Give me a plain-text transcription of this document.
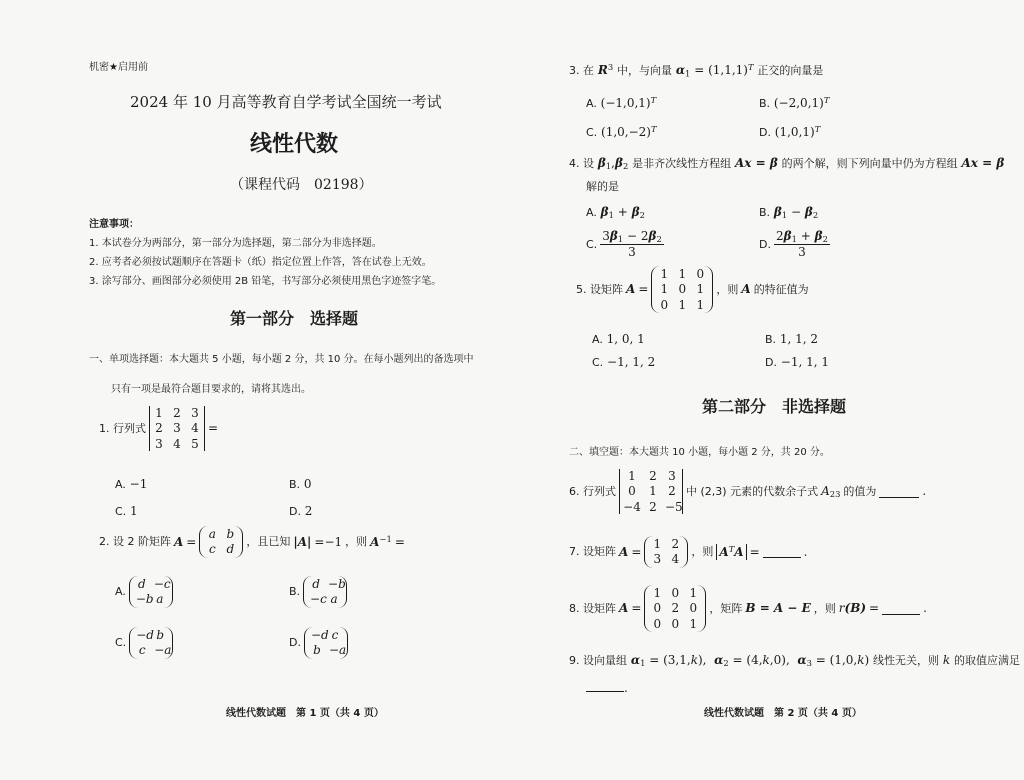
机密★启用前
2024 年 10 月高等教育自学考试全国统一考试
线性代数
（课程代码　02198）
注意事项：
1. 本试卷分为两部分，第一部分为选择题，第二部分为非选择题。
2. 应考者必须按试题顺序在答题卡（纸）指定位置上作答，答在试卷上无效。
3. 涂写部分、画图部分必须使用 2B 铅笔，书写部分必须使用黑色字迹签字笔。
第一部分　选择题
一、单项选择题：本大题共 5 小题，每小题 2 分，共 10 分。在每小题列出的备选项中
只有一项是最符合题目要求的，请将其选出。
1. 行列式
1 2 3
2 3 4
3 4 5
=
A. −1	B. 0
C. 1	D. 2
2. 设 2 阶矩阵 A =
a b
c d
，且已知 |A| =−1 ，则 $A^{-1}$ =
A.
d −c
−b a
B.
d −b
−c a
C.
−d b
c −a
D.
−d c
b −a
线性代数试题　第 1 页（共 4 页）
3. 在 $R^3$ 中，与向量 $\alpha_1 = (1,1,1)^T$ 正交的向量是
A. $(-1,0,1)^T$	B. $(-2,0,1)^T$
C. $(1,0,-2)^T$	D. $(1,0,1)^T$
4. 设 $\beta_1,\beta_2$ 是非齐次线性方程组 Ax = β 的两个解，则下列向量中仍为方程组 Ax = β
解的是
A. $\beta_1 + \beta_2$	B. $\beta_1 - \beta_2$
C. $\frac{3\beta_1 - 2\beta_2}{3}$	D. $\frac{2\beta_1 + \beta_2}{3}$
5. 设矩阵 A =
1 1 0
1 0 1
0 1 1
，则 A 的特征值为
A. 1, 0, 1	B. 1, 1, 2
C. −1, 1, 2	D. −1, 1, 1
第二部分　非选择题
二、填空题：本大题共 10 小题，每小题 2 分，共 20 分。
6. 行列式
1	2 3
0	1 2
−4 2 −5
中 (2,3) 元素的代数余子式 $A_{23}$ 的值为	.
7. 设矩阵 A =
1 2
3 4
，则 $A^TA$ =	.
8. 设矩阵 A =
1 0 1
0 2 0
0 0 1
，矩阵 B = A − E ，则 r(B) =	.
9. 设向量组 $\alpha_1 = (3,1,k)$,  $\alpha_2 = (4,k,0)$,  $\alpha_3 = (1,0,k)$ 线性无关，则 k 的取值应满足
.
线性代数试题　第 2 页（共 4 页）
